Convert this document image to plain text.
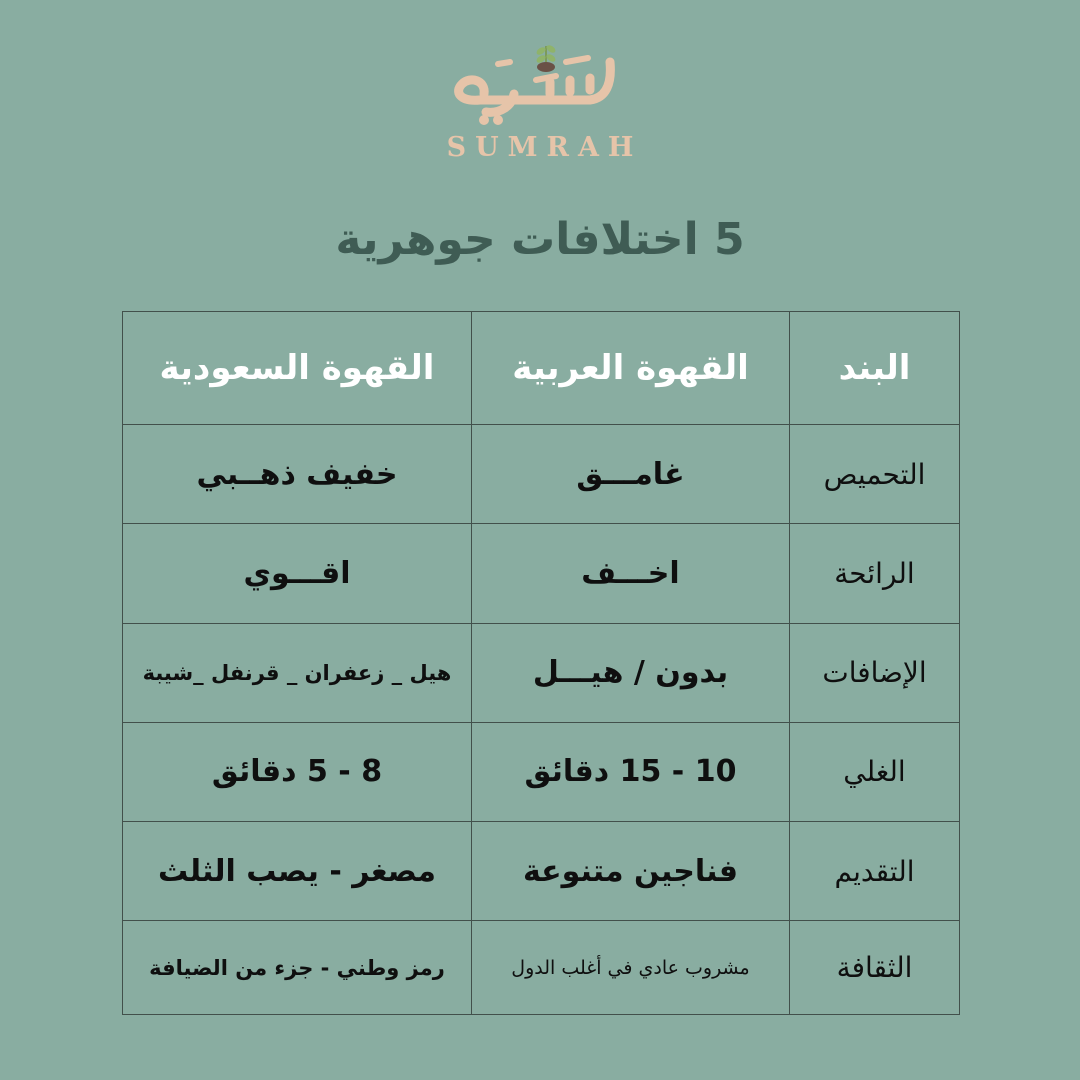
SUMRAH
5 اختلافات جوهرية
البند	القهوة العربية	القهوة السعودية
التحميص	غامـــق	خفيف ذهــبي
الرائحة	اخـــف	اقـــوي
الإضافات	بدون / هيـــل	هيل _ زعفران _ قرنفل _شيبة
الغلي	10 - 15 دقائق	8 - 5 دقائق
التقديم	فناجين متنوعة	مصغر - يصب الثلث
الثقافة	مشروب عادي في أغلب الدول	رمز وطني - جزء من الضيافة
